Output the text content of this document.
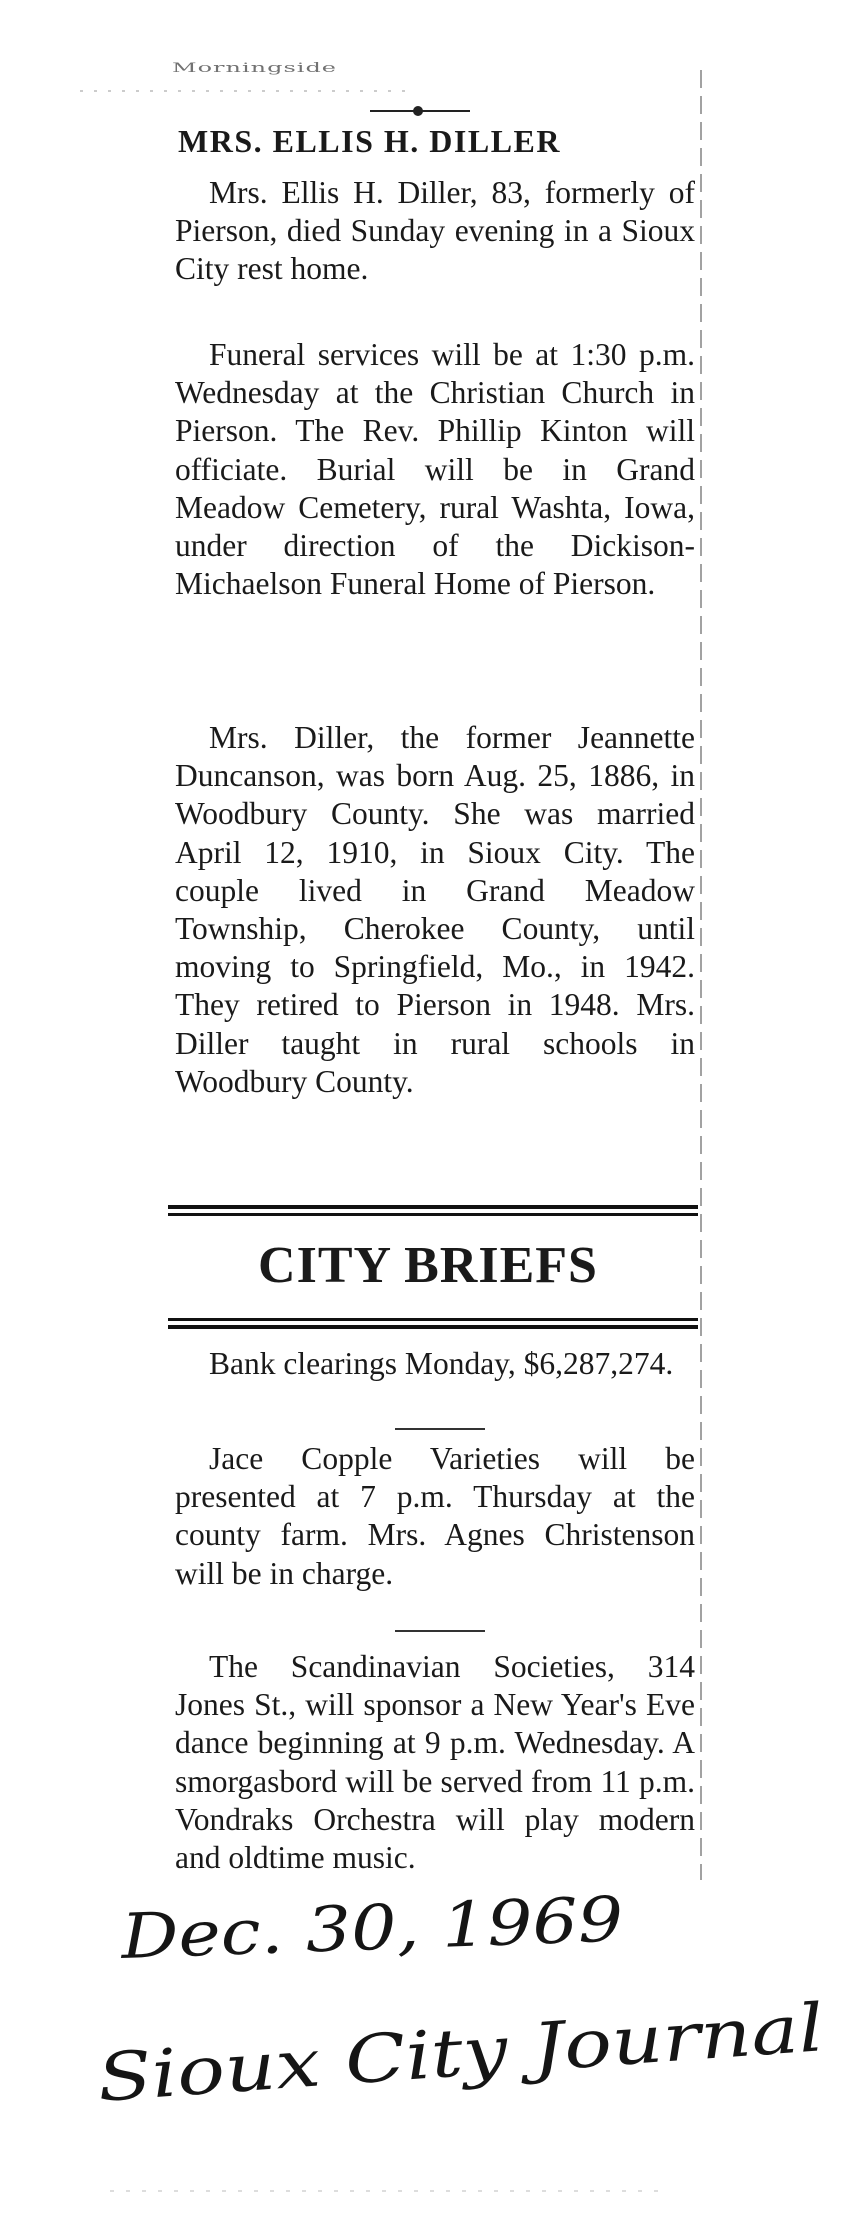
Morningside
MRS. ELLIS H. DILLER

Mrs. Ellis H. Diller, 83, formerly of Pierson, died Sunday evening in a Sioux City rest home.

Funeral services will be at 1:30 p.m. Wednesday at the Christian Church in Pierson. The Rev. Phillip Kinton will officiate. Burial will be in Grand Meadow Cemetery, rural Washta, Iowa, under direction of the Dickison-Michaelson Funeral Home of Pierson.

Mrs. Diller, the former Jeannette Duncanson, was born Aug. 25, 1886, in Woodbury County. She was married April 12, 1910, in Sioux City. The couple lived in Grand Meadow Township, Cherokee County, until moving to Springfield, Mo., in 1942. They retired to Pierson in 1948. Mrs. Diller taught in rural schools in Woodbury County.

CITY BRIEFS

Bank clearings Monday, $6,287,274.

Jace Copple Varieties will be presented at 7 p.m. Thursday at the county farm. Mrs. Agnes Christenson will be in charge.

The Scandinavian Societies, 314 Jones St., will sponsor a New Year's Eve dance beginning at 9 p.m. Wednesday. A smorgasbord will be served from 11 p.m. Vondraks Orchestra will play modern and oldtime music.

Dec. 30, 1969
Sioux City Journal
